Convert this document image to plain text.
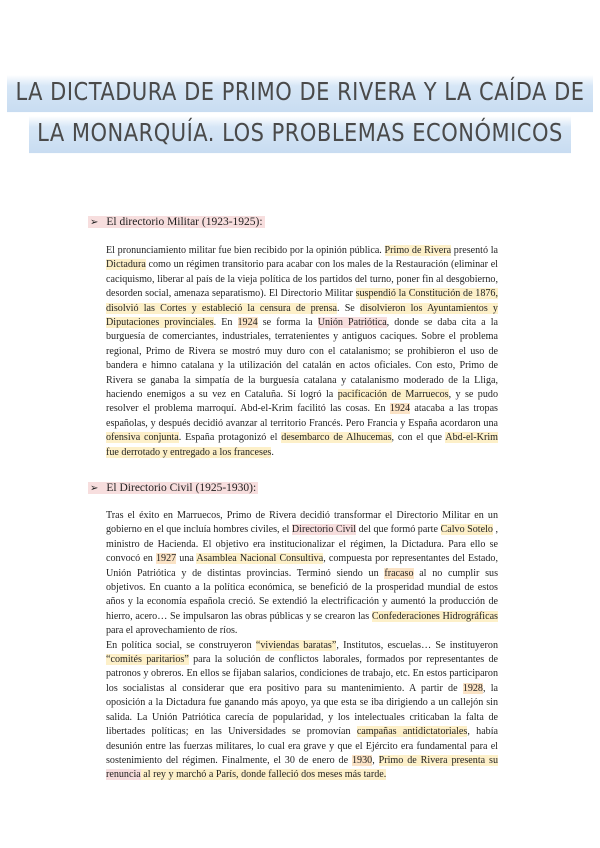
LA DICTADURA DE PRIMO DE RIVERA Y LA CAÍDA DE
LA MONARQUÍA. LOS PROBLEMAS ECONÓMICOS
➢ El directorio Militar (1923-1925):

El pronunciamiento militar fue bien recibido por la opinión pública. Primo de Rivera presentó la Dictadura como un régimen transitorio para acabar con los males de la Restauración (eliminar el caciquismo, liberar al país de la vieja política de los partidos del turno, poner fin al desgobierno, desorden social, amenaza separatismo). El Directorio Militar suspendió la Constitución de 1876, disolvió las Cortes y estableció la censura de prensa. Se disolvieron los Ayuntamientos y Diputaciones provinciales. En 1924 se forma la Unión Patriótica, donde se daba cita a la burguesía de comerciantes, industriales, terratenientes y antiguos caciques. Sobre el problema regional, Primo de Rivera se mostró muy duro con el catalanismo; se prohibieron el uso de bandera e himno catalana y la utilización del catalán en actos oficiales. Con esto, Primo de Rivera se ganaba la simpatía de la burguesía catalana y catalanismo moderado de la Lliga, haciendo enemigos a su vez en Cataluña. Sí logró la pacificación de Marruecos, y se pudo resolver el problema marroquí. Abd-el-Krim facilitó las cosas. En 1924 atacaba a las tropas españolas, y después decidió avanzar al territorio Francés. Pero Francia y España acordaron una ofensiva conjunta. España protagonizó el desembarco de Alhucemas, con el que Abd-el-Krim fue derrotado y entregado a los franceses.

➢ El Directorio Civil (1925-1930):

Tras el éxito en Marruecos, Primo de Rivera decidió transformar el Directorio Militar en un gobierno en el que incluía hombres civiles, el Directorio Civil del que formó parte Calvo Sotelo , ministro de Hacienda. El objetivo era institucionalizar el régimen, la Dictadura. Para ello se convocó en 1927 una Asamblea Nacional Consultiva, compuesta por representantes del Estado, Unión Patriótica y de distintas provincias. Terminó siendo un fracaso al no cumplir sus objetivos. En cuanto a la política económica, se benefició de la prosperidad mundial de estos años y la economía española creció. Se extendió la electrificación y aumentó la producción de hierro, acero… Se impulsaron las obras públicas y se crearon las Confederaciones Hidrográficas para el aprovechamiento de ríos.
En política social, se construyeron “viviendas baratas”, Institutos, escuelas… Se instituyeron “comités paritarios” para la solución de conflictos laborales, formados por representantes de patronos y obreros. En ellos se fijaban salarios, condiciones de trabajo, etc. En estos participaron los socialistas al considerar que era positivo para su mantenimiento. A partir de 1928, la oposición a la Dictadura fue ganando más apoyo, ya que esta se iba dirigiendo a un callejón sin salida. La Unión Patriótica carecía de popularidad, y los intelectuales criticaban la falta de libertades políticas; en las Universidades se promovían campañas antidictatoriales, había desunión entre las fuerzas militares, lo cual era grave y que el Ejército era fundamental para el sostenimiento del régimen. Finalmente, el 30 de enero de 1930, Primo de Rivera presenta su renuncia al rey y marchó a París, donde falleció dos meses más tarde.
